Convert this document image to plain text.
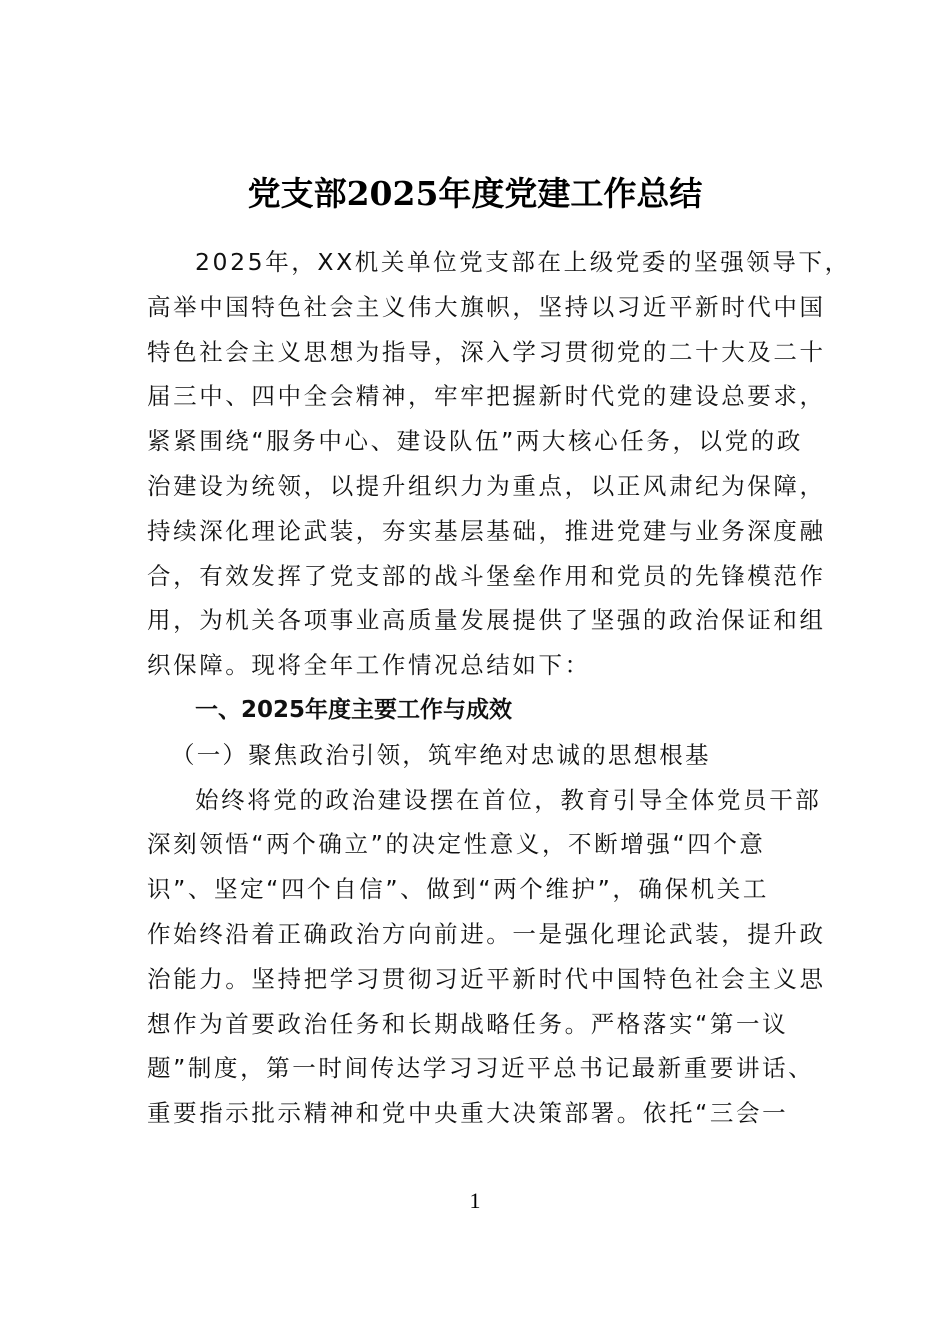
党支部2025年度党建工作总结
2025年，XX机关单位党支部在上级党委的坚强领导下，
高举中国特色社会主义伟大旗帜，坚持以习近平新时代中国
特色社会主义思想为指导，深入学习贯彻党的二十大及二十
届三中、四中全会精神，牢牢把握新时代党的建设总要求，
紧紧围绕“服务中心、建设队伍”两大核心任务，以党的政
治建设为统领，以提升组织力为重点，以正风肃纪为保障，
持续深化理论武装，夯实基层基础，推进党建与业务深度融
合，有效发挥了党支部的战斗堡垒作用和党员的先锋模范作
用，为机关各项事业高质量发展提供了坚强的政治保证和组
织保障。现将全年工作情况总结如下：
一、2025年度主要工作与成效
（一）聚焦政治引领，筑牢绝对忠诚的思想根基
始终将党的政治建设摆在首位，教育引导全体党员干部
深刻领悟“两个确立”的决定性意义，不断增强“四个意
识”、坚定“四个自信”、做到“两个维护”，确保机关工
作始终沿着正确政治方向前进。一是强化理论武装，提升政
治能力。坚持把学习贯彻习近平新时代中国特色社会主义思
想作为首要政治任务和长期战略任务。严格落实“第一议
题”制度，第一时间传达学习习近平总书记最新重要讲话、
重要指示批示精神和党中央重大决策部署。依托“三会一
1
